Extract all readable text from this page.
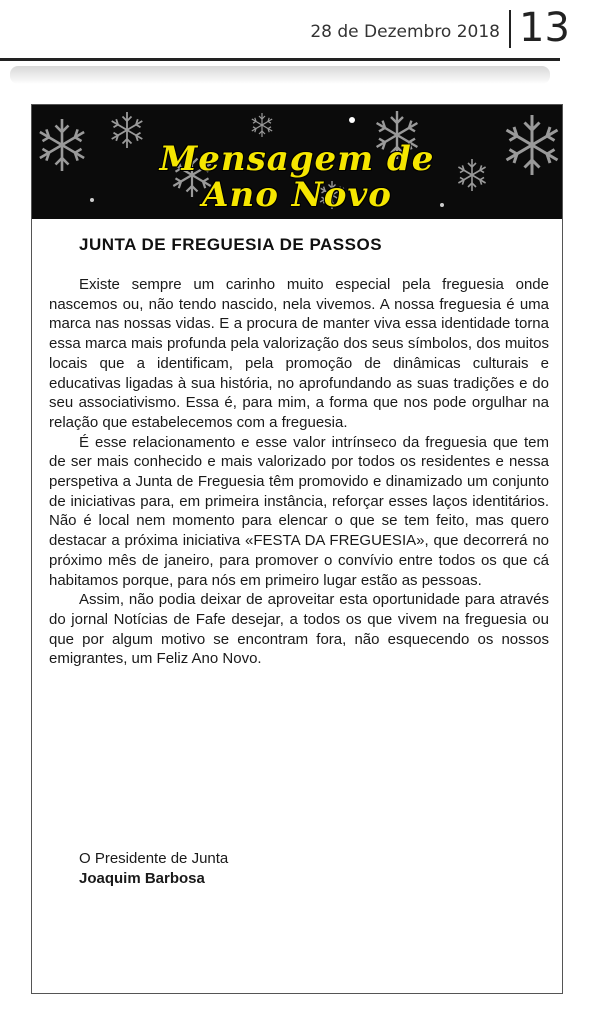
28 de Dezembro 2018 13
Mensagem de
Ano Novo
JUNTA DE FREGUESIA DE PASSOS

Existe sempre um carinho muito especial pela freguesia onde nascemos ou, não tendo nascido, nela vivemos. A nossa freguesia é uma marca nas nossas vidas. E a procura de manter viva essa identidade torna essa marca mais profunda pela valorização dos seus símbolos, dos muitos locais que a identificam, pela promoção de dinâmicas culturais e educativas ligadas à sua história, no aprofundando as suas tradições e do seu associativismo. Essa é, para mim, a forma que nos pode orgulhar na relação que estabelecemos com a freguesia.

É esse relacionamento e esse valor intrínseco da freguesia que tem de ser mais conhecido e mais valorizado por todos os residentes e nessa perspetiva a Junta de Freguesia têm promovido e dinamizado um conjunto de iniciativas para, em primeira instância, reforçar esses laços identitários. Não é local nem momento para elencar o que se tem feito, mas quero destacar a próxima iniciativa «FESTA DA FREGUESIA», que decorrerá no próximo mês de janeiro, para promover o convívio entre todos os que cá habitamos porque, para nós em primeiro lugar estão as pessoas.

Assim, não podia deixar de aproveitar esta oportunidade para através do jornal Notícias de Fafe desejar, a todos os que vivem na freguesia ou que por algum motivo se encontram fora, não esquecendo os nossos emigrantes, um Feliz Ano Novo.

O Presidente de Junta
Joaquim Barbosa
